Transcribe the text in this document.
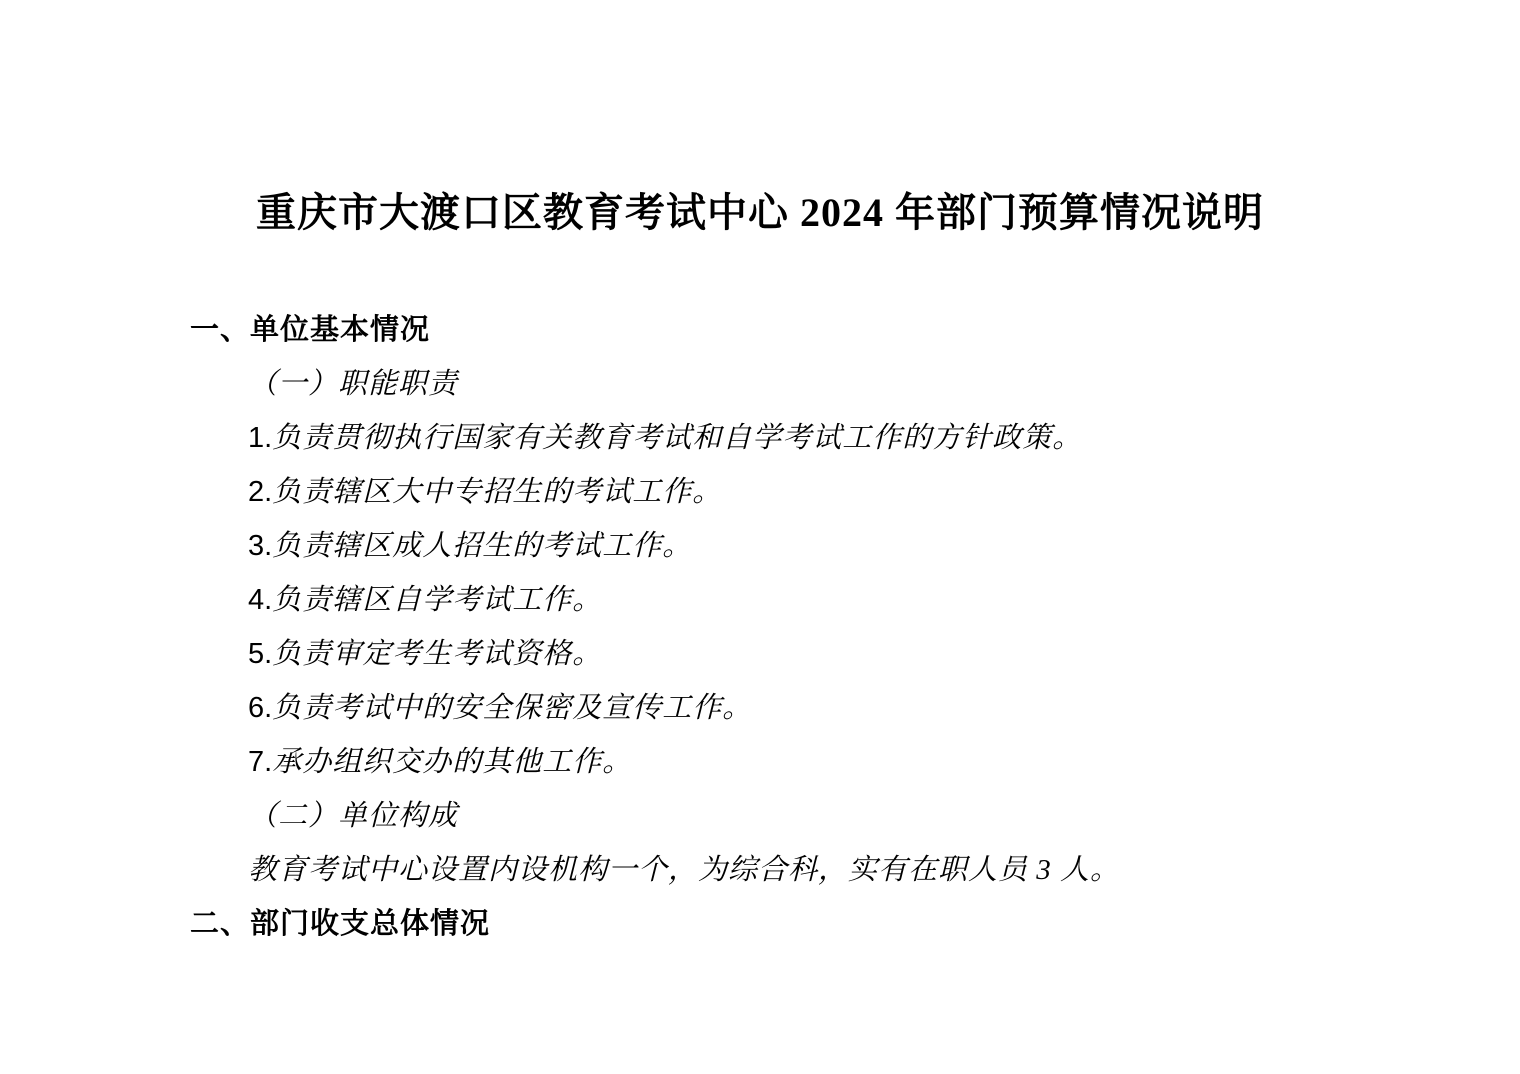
重庆市大渡口区教育考试中心 2024 年部门预算情况说明

一、单位基本情况

（一）职能职责

1.负责贯彻执行国家有关教育考试和自学考试工作的方针政策。

2.负责辖区大中专招生的考试工作。

3.负责辖区成人招生的考试工作。

4.负责辖区自学考试工作。

5.负责审定考生考试资格。

6.负责考试中的安全保密及宣传工作。

7.承办组织交办的其他工作。

（二）单位构成

教育考试中心设置内设机构一个，为综合科，实有在职人员 3 人。

二、部门收支总体情况
